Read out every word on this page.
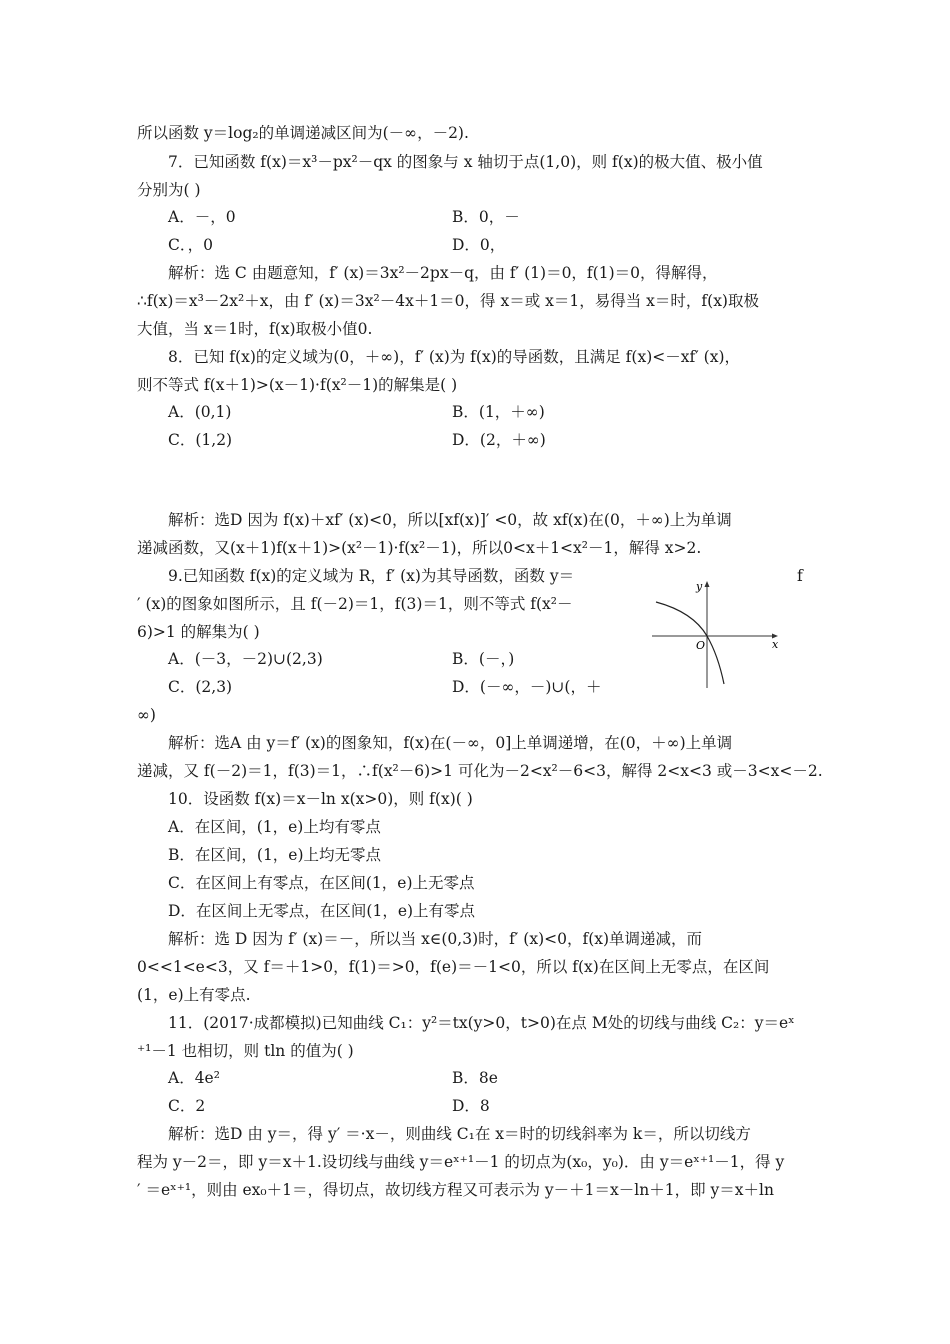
所以函数 y＝log₂的单调递减区间为(－∞，－2).
7．已知函数 f(x)＝x³－px²－qx 的图象与 x 轴切于点(1,0)，则 f(x)的极大值、极小值
分别为( )
A．－，0	B．0，－
C．，0	D．0，
解析：选 C 由题意知，f′ (x)＝3x²－2px－q，由 f′ (1)＝0，f(1)＝0，得解得，
∴f(x)＝x³－2x²＋x，由 f′ (x)＝3x²－4x＋1＝0，得 x＝或 x＝1，易得当 x＝时，f(x)取极
大值，当 x＝1时，f(x)取极小值0.
8．已知 f(x)的定义域为(0，＋∞)，f′ (x)为 f(x)的导函数，且满足 f(x)<－xf′ (x)，
则不等式 f(x＋1)>(x－1)·f(x²－1)的解集是( )
A．(0,1)	B．(1，＋∞)
C．(1,2)	D．(2，＋∞)
解析：选D 因为 f(x)＋xf′ (x)<0，所以[xf(x)]′ <0，故 xf(x)在(0，＋∞)上为单调
递减函数，又(x＋1)f(x＋1)>(x²－1)·f(x²－1)，所以0<x＋1<x²－1，解得 x>2.
9.已知函数 f(x)的定义域为 R，f′ (x)为其导函数，函数 y＝	f
′ (x)的图象如图所示，且 f(－2)＝1，f(3)＝1，则不等式 f(x²－
6)>1 的解集为( )
A．(－3，－2)∪(2,3)	B．(－，)
C．(2,3)	D．(－∞，－)∪(，＋
∞)
y
x
O
解析：选A 由 y＝f′ (x)的图象知，f(x)在(－∞，0]上单调递增，在(0，＋∞)上单调
递减，又 f(－2)＝1，f(3)＝1，∴f(x²－6)>1 可化为－2<x²－6<3，解得 2<x<3 或－3<x<－2.
10．设函数 f(x)＝x－ln x(x>0)，则 f(x)( )
A．在区间，(1，e)上均有零点
B．在区间，(1，e)上均无零点
C．在区间上有零点，在区间(1，e)上无零点
D．在区间上无零点，在区间(1，e)上有零点
解析：选 D 因为 f′ (x)＝－，所以当 x∈(0,3)时，f′ (x)<0，f(x)单调递减，而
0<<1<e<3，又 f＝＋1>0，f(1)＝>0，f(e)＝－1<0，所以 f(x)在区间上无零点，在区间
(1，e)上有零点.
11．(2017·成都模拟)已知曲线 C₁：y²＝tx(y>0，t>0)在点 M处的切线与曲线 C₂：y＝eˣ
⁺¹－1 也相切，则 tln 的值为( )
A．4e²	B．8e
C．2	D．8
解析：选D 由 y＝，得 y′ ＝·x－，则曲线 C₁在 x＝时的切线斜率为 k＝，所以切线方
程为 y－2＝，即 y＝x＋1.设切线与曲线 y＝eˣ⁺¹－1 的切点为(x₀，y₀)．由 y＝eˣ⁺¹－1，得 y
′ ＝eˣ⁺¹，则由 ex₀＋1＝，得切点，故切线方程又可表示为 y－＋1＝x－ln＋1，即 y＝x＋ln
